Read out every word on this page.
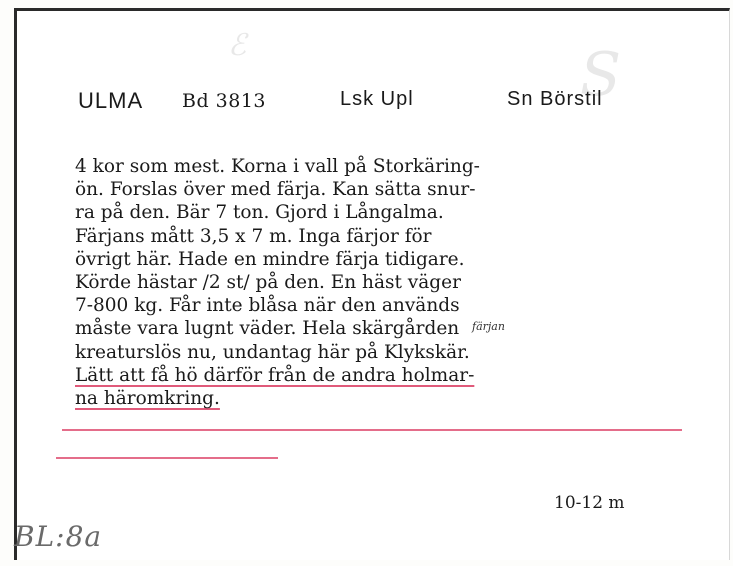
ℰ	S
ULMA Bd 3813	Lsk Upl	Sn Börstil
4 kor som mest. Korna i vall på Storkäring-
ön. Forslas över med färja. Kan sätta snur-
ra på den. Bär 7 ton. Gjord i Långalma.
Färjans mått 3,5 x 7 m. Inga färjor för
övrigt här. Hade en mindre färja tidigare.
Körde hästar /2 st/ på den. En häst väger
7-800 kg. Får inte blåsa när den används
måste vara lugnt väder. Hela skärgården
kreaturslös nu, undantag här på Klykskär.
Lätt att få hö därför från de andra holmar-
na häromkring.
färjan
10-12 m
BL:8a
